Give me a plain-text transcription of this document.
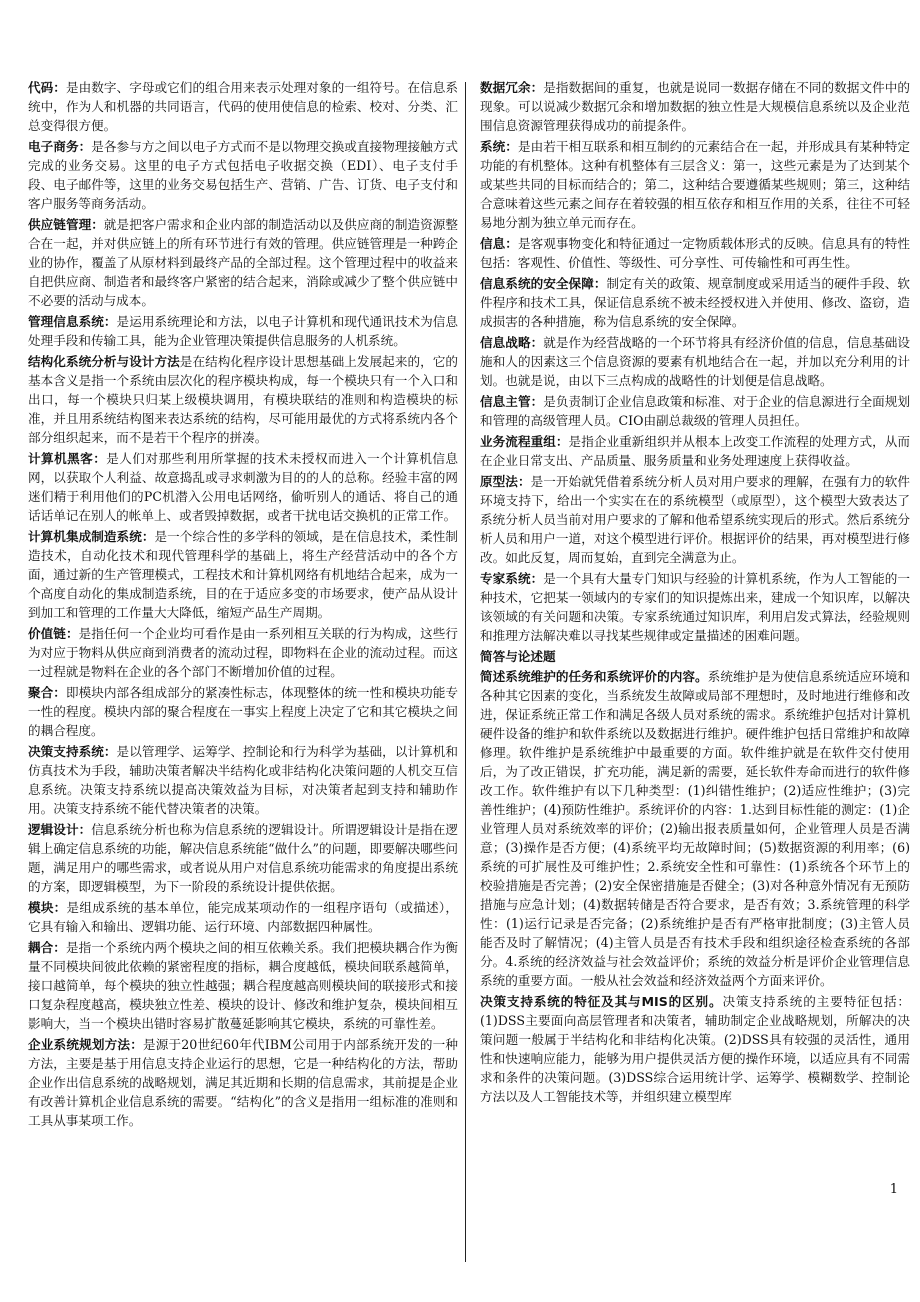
代码：是由数字、字母或它们的组合用来表示处理对象的一组符号。在信息系统中，作为人和机器的共同语言，代码的使用使信息的检索、校对、分类、汇总变得很方便。
电子商务：是各参与方之间以电子方式而不是以物理交换或直接物理接触方式完成的业务交易。这里的电子方式包括电子收据交换（EDI）、电子支付手段、电子邮件等，这里的业务交易包括生产、营销、广告、订货、电子支付和客户服务等商务活动。
供应链管理：就是把客户需求和企业内部的制造活动以及供应商的制造资源整合在一起，并对供应链上的所有环节进行有效的管理。供应链管理是一种跨企业的协作，覆盖了从原材料到最终产品的全部过程。这个管理过程中的收益来自把供应商、制造者和最终客户紧密的结合起来，消除或减少了整个供应链中不必要的活动与成本。
管理信息系统：是运用系统理论和方法，以电子计算机和现代通讯技术为信息处理手段和传输工具，能为企业管理决策提供信息服务的人机系统。
结构化系统分析与设计方法是在结构化程序设计思想基础上发展起来的，它的基本含义是指一个系统由层次化的程序模块构成，每一个模块只有一个入口和出口，每一个模块只归某上级模块调用，有模块联结的准则和构造模块的标准，并且用系统结构图来表达系统的结构，尽可能用最优的方式将系统内各个部分组织起来，而不是若干个程序的拼凑。
计算机黑客：是人们对那些利用所掌握的技术未授权而进入一个计算机信息网，以获取个人利益、故意捣乱或寻求刺激为目的的人的总称。经验丰富的网迷们精于利用他们的PC机潜入公用电话网络，偷听别人的通话、将自己的通话话单记在别人的帐单上、或者毁掉数据，或者干扰电话交换机的正常工作。
计算机集成制造系统：是一个综合性的多学科的领域，是在信息技术，柔性制造技术，自动化技术和现代管理科学的基础上，将生产经营活动中的各个方面，通过新的生产管理模式，工程技术和计算机网络有机地结合起来，成为一个高度自动化的集成制造系统，目的在于适应多变的市场要求，使产品从设计到加工和管理的工作量大大降低，缩短产品生产周期。
价值链：是指任何一个企业均可看作是由一系列相互关联的行为构成，这些行为对应于物料从供应商到消费者的流动过程，即物料在企业的流动过程。而这一过程就是物料在企业的各个部门不断增加价值的过程。
聚合：即模块内部各组成部分的紧凑性标志，体现整体的统一性和模块功能专一性的程度。模块内部的聚合程度在一事实上程度上决定了它和其它模块之间的耦合程度。
决策支持系统：是以管理学、运筹学、控制论和行为科学为基础，以计算机和仿真技术为手段，辅助决策者解决半结构化或非结构化决策问题的人机交互信息系统。决策支持系统以提高决策效益为目标，对决策者起到支持和辅助作用。决策支持系统不能代替决策者的决策。
逻辑设计：信息系统分析也称为信息系统的逻辑设计。所谓逻辑设计是指在逻辑上确定信息系统的功能，解决信息系统能“做什么”的问题，即要解决哪些问题，满足用户的哪些需求，或者说从用户对信息系统功能需求的角度提出系统的方案，即逻辑模型，为下一阶段的系统设计提供依据。
模块：是组成系统的基本单位，能完成某项动作的一组程序语句（或描述），它具有输入和输出、逻辑功能、运行环境、内部数据四种属性。
耦合：是指一个系统内两个模块之间的相互依赖关系。我们把模块耦合作为衡量不同模块间彼此依赖的紧密程度的指标，耦合度越低，模块间联系越简单，接口越简单，每个模块的独立性越强；耦合程度越高则模块间的联接形式和接口复杂程度越高，模块独立性差、模块的设计、修改和维护复杂，模块间相互影响大，当一个模块出错时容易扩散蔓延影响其它模块，系统的可靠性差。
企业系统规划方法：是源于20世纪60年代IBM公司用于内部系统开发的一种方法，主要是基于用信息支持企业运行的思想，它是一种结构化的方法，帮助企业作出信息系统的战略规划，满足其近期和长期的信息需求，其前提是企业有改善计算机企业信息系统的需要。“结构化”的含义是指用一组标准的准则和工具从事某项工作。
数据冗余：是指数据间的重复，也就是说同一数据存储在不同的数据文件中的现象。可以说减少数据冗余和增加数据的独立性是大规模信息系统以及企业范围信息资源管理获得成功的前提条件。
系统：是由若干相互联系和相互制约的元素结合在一起，并形成具有某种特定功能的有机整体。这种有机整体有三层含义：第一，这些元素是为了达到某个或某些共同的目标而结合的；第二，这种结合要遵循某些规则；第三，这种结合意味着这些元素之间存在着较强的相互依存和相互作用的关系，往往不可轻易地分割为独立单元而存在。
信息：是客观事物变化和特征通过一定物质载体形式的反映。信息具有的特性包括：客观性、价值性、等级性、可分享性、可传输性和可再生性。
信息系统的安全保障：制定有关的政策、规章制度或采用适当的硬件手段、软件程序和技术工具，保证信息系统不被未经授权进入并使用、修改、盗窃，造成损害的各种措施，称为信息系统的安全保障。
信息战略：就是作为经营战略的一个环节将具有经济价值的信息，信息基础设施和人的因素这三个信息资源的要素有机地结合在一起，并加以充分利用的计划。也就是说，由以下三点构成的战略性的计划便是信息战略。
信息主管：是负责制订企业信息政策和标准、对于企业的信息源进行全面规划和管理的高级管理人员。CIO由副总裁级的管理人员担任。
业务流程重组：是指企业重新组织并从根本上改变工作流程的处理方式，从而在企业日常支出、产品质量、服务质量和业务处理速度上获得收益。
原型法：是一开始就凭借着系统分析人员对用户要求的理解，在强有力的软件环境支持下，给出一个实实在在的系统模型（或原型），这个模型大致表达了系统分析人员当前对用户要求的了解和他希望系统实现后的形式。然后系统分析人员和用户一道，对这个模型进行评价。根据评价的结果，再对模型进行修改。如此反复，周而复始，直到完全满意为止。
专家系统：是一个具有大量专门知识与经验的计算机系统，作为人工智能的一种技术，它把某一领域内的专家们的知识提炼出来，建成一个知识库，以解决该领域的有关问题和决策。专家系统通过知识库，利用启发式算法，经验规则和推理方法解决难以寻找某些规律或定量描述的困难问题。
简答与论述题
简述系统维护的任务和系统评价的内容。系统维护是为使信息系统适应环境和各种其它因素的变化，当系统发生故障或局部不理想时，及时地进行维修和改进，保证系统正常工作和满足各级人员对系统的需求。系统维护包括对计算机硬件设备的维护和软件系统以及数据进行维护。硬件维护包括日常维护和故障修理。软件维护是系统维护中最重要的方面。软件维护就是在软件交付使用后，为了改正错误，扩充功能，满足新的需要，延长软件寿命而进行的软件修改工作。软件维护有以下几种类型：(1)纠错性维护；(2)适应性维护；(3)完善性维护；(4)预防性维护。系统评价的内容：1.达到目标性能的测定：(1)企业管理人员对系统效率的评价；(2)输出报表质量如何，企业管理人员是否满意；(3)操作是否方便；(4)系统平均无故障时间；(5)数据资源的利用率；(6)系统的可扩展性及可维护性；2.系统安全性和可靠性：(1)系统各个环节上的校验措施是否完善；(2)安全保密措施是否健全；(3)对各种意外情况有无预防措施与应急计划；(4)数据转储是否符合要求，是否有效；3.系统管理的科学性：(1)运行记录是否完备；(2)系统维护是否有严格审批制度；(3)主管人员能否及时了解情况；(4)主管人员是否有技术手段和组织途径检查系统的各部分。4.系统的经济效益与社会效益评价；系统的效益分析是评价企业管理信息系统的重要方面。一般从社会效益和经济效益两个方面来评价。
决策支持系统的特征及其与MIS的区别。决策支持系统的主要特征包括：(1)DSS主要面向高层管理者和决策者，辅助制定企业战略规划，所解决的决策问题一般属于半结构化和非结构化决策。(2)DSS具有较强的灵活性，通用性和快速响应能力，能够为用户提供灵活方便的操作环境，以适应具有不同需求和条件的决策问题。(3)DSS综合运用统计学、运筹学、模糊数学、控制论方法以及人工智能技术等，并组织建立模型库
1
